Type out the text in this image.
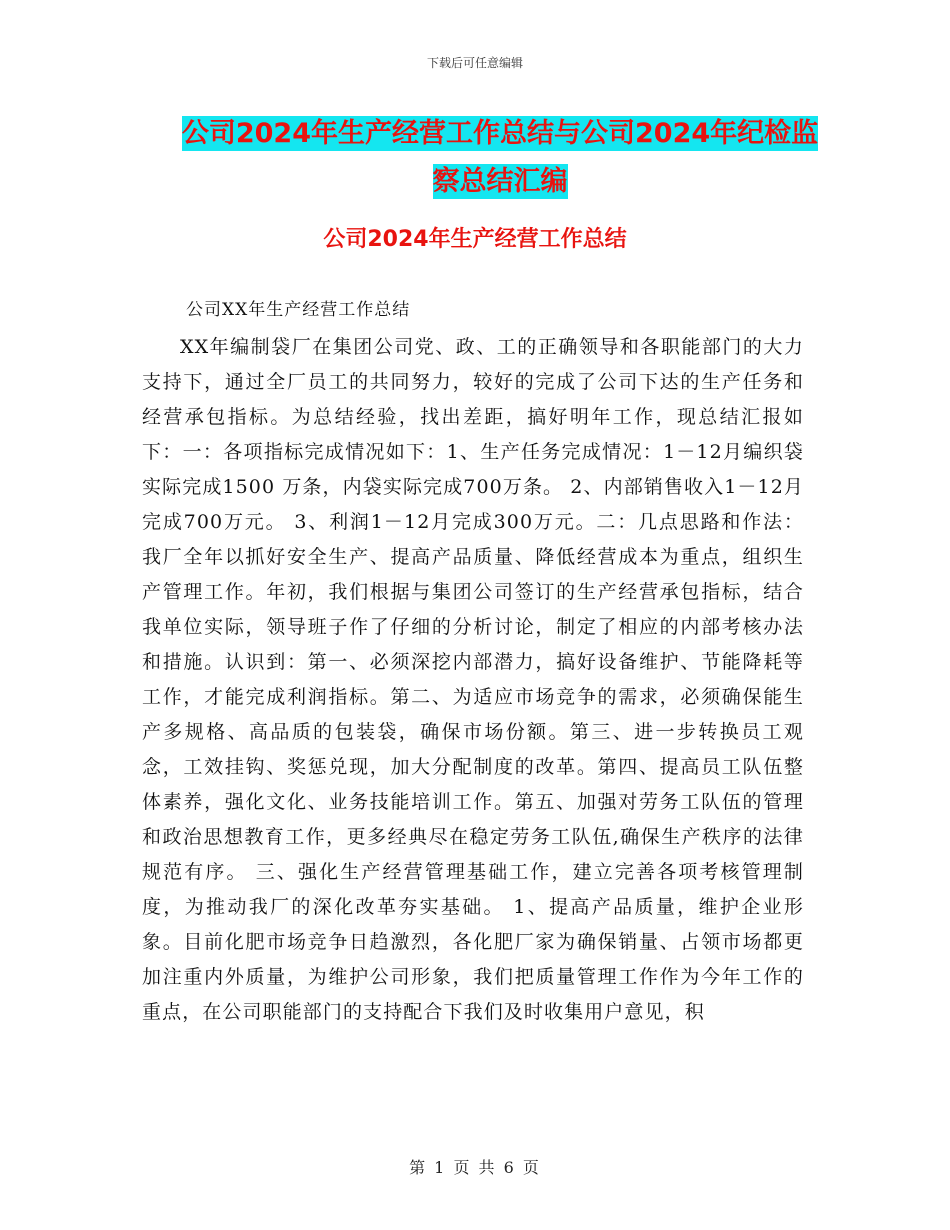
下载后可任意编辑
公司2024年生产经营工作总结与公司2024年纪检监
察总结汇编
公司2024年生产经营工作总结
公司XX年生产经营工作总结

XX年编制袋厂在集团公司党、政、工的正确领导和各职能部门的大力支持下，通过全厂员工的共同努力，较好的完成了公司下达的生产任务和经营承包指标。为总结经验，找出差距，搞好明年工作，现总结汇报如下：一：各项指标完成情况如下：1、生产任务完成情况：1－12月编织袋实际完成1500 万条，内袋实际完成700万条。 2、内部销售收入1－12月完成700万元。 3、利润1－12月完成300万元。二：几点思路和作法： 我厂全年以抓好安全生产、提高产品质量、降低经营成本为重点，组织生产管理工作。年初，我们根据与集团公司签订的生产经营承包指标，结合我单位实际，领导班子作了仔细的分析讨论，制定了相应的内部考核办法和措施。认识到：第一、必须深挖内部潜力，搞好设备维护、节能降耗等工作，才能完成利润指标。第二、为适应市场竞争的需求，必须确保能生产多规格、高品质的包装袋，确保市场份额。第三、进一步转换员工观念，工效挂钩、奖惩兑现，加大分配制度的改革。第四、提高员工队伍整体素养，强化文化、业务技能培训工作。第五、加强对劳务工队伍的管理和政治思想教育工作，更多经典尽在稳定劳务工队伍,确保生产秩序的法律规范有序。 三、强化生产经营管理基础工作，建立完善各项考核管理制度，为推动我厂的深化改革夯实基础。 1、提高产品质量，维护企业形象。目前化肥市场竞争日趋激烈，各化肥厂家为确保销量、占领市场都更加注重内外质量，为维护公司形象，我们把质量管理工作作为今年工作的重点，在公司职能部门的支持配合下我们及时收集用户意见，积

第 1 页 共 6 页
